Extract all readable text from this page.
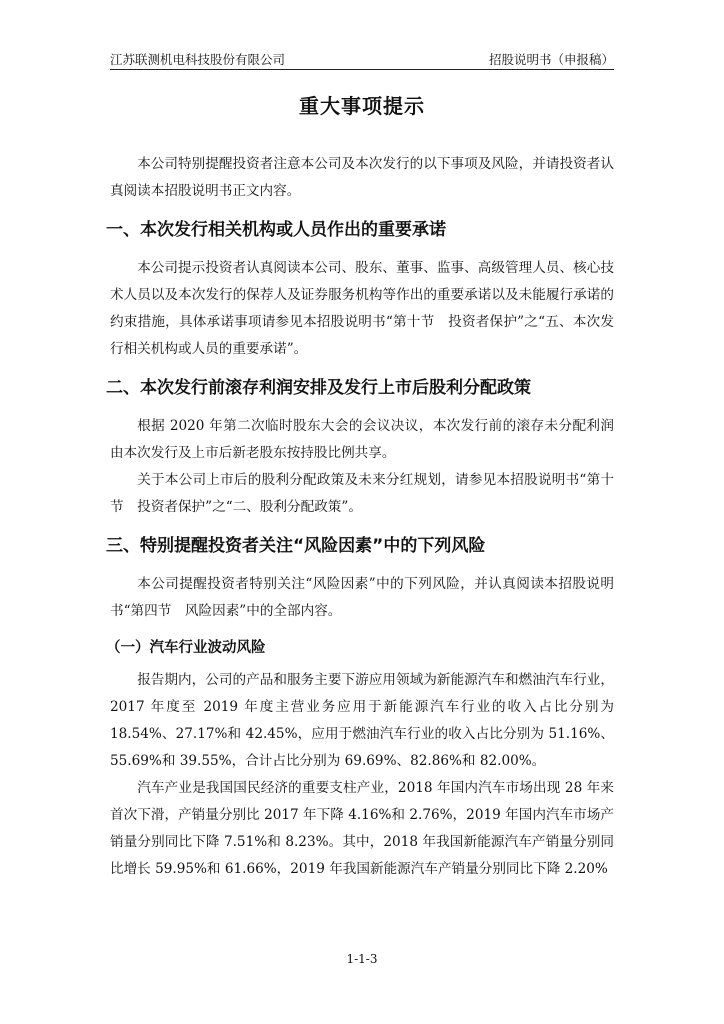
江苏联测机电科技股份有限公司	招股说明书（申报稿）
重大事项提示

本公司特别提醒投资者注意本公司及本次发行的以下事项及风险，并请投资者认真阅读本招股说明书正文内容。

一、本次发行相关机构或人员作出的重要承诺

本公司提示投资者认真阅读本公司、股东、董事、监事、高级管理人员、核心技术人员以及本次发行的保荐人及证券服务机构等作出的重要承诺以及未能履行承诺的约束措施，具体承诺事项请参见本招股说明书“第十节　投资者保护”之“五、本次发行相关机构或人员的重要承诺”。

二、本次发行前滚存利润安排及发行上市后股利分配政策

根据 2020 年第二次临时股东大会的会议决议，本次发行前的滚存未分配利润由本次发行及上市后新老股东按持股比例共享。

关于本公司上市后的股利分配政策及未来分红规划，请参见本招股说明书“第十节　投资者保护”之“二、股利分配政策”。

三、特别提醒投资者关注“风险因素”中的下列风险

本公司提醒投资者特别关注“风险因素”中的下列风险，并认真阅读本招股说明书“第四节　风险因素”中的全部内容。

（一）汽车行业波动风险

报告期内，公司的产品和服务主要下游应用领域为新能源汽车和燃油汽车行业，2017 年度至 2019 年度主营业务应用于新能源汽车行业的收入占比分别为 18.54%、27.17%和 42.45%，应用于燃油汽车行业的收入占比分别为 51.16%、55.69%和 39.55%，合计占比分别为 69.69%、82.86%和 82.00%。

汽车产业是我国国民经济的重要支柱产业，2018 年国内汽车市场出现 28 年来首次下滑，产销量分别比 2017 年下降 4.16%和 2.76%，2019 年国内汽车市场产销量分别同比下降 7.51%和 8.23%。其中，2018 年我国新能源汽车产销量分别同比增长 59.95%和 61.66%，2019 年我国新能源汽车产销量分别同比下降 2.20%

1-1-3
